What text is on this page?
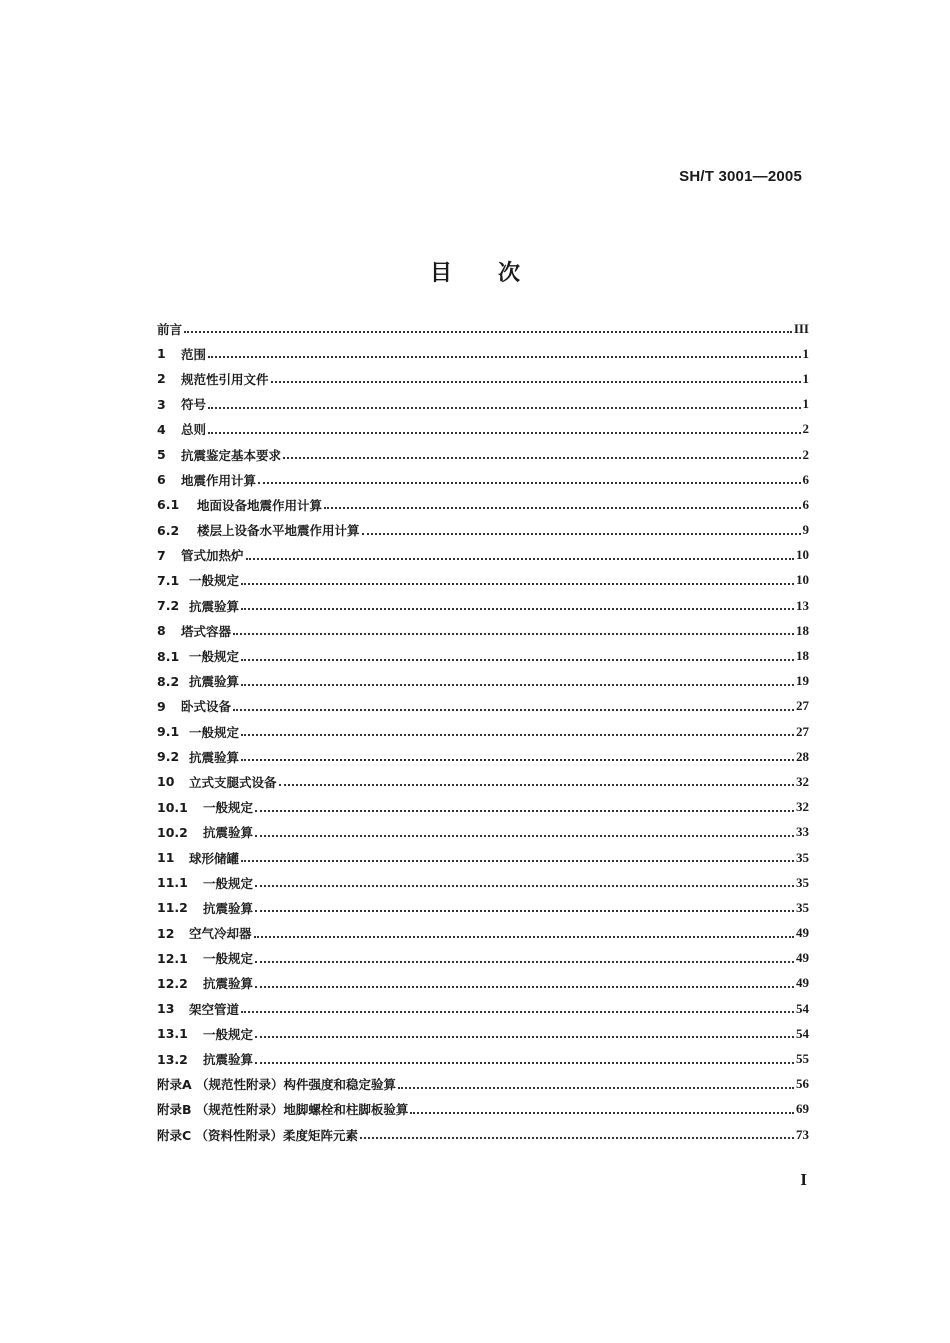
SH/T 3001—2005
目 次
前言	III
1	范围	1
2	规范性引用文件	1
3	符号	1
4	总则	2
5	抗震鉴定基本要求	2
6	地震作用计算	6
6.1	地面设备地震作用计算	6
6.2	楼层上设备水平地震作用计算	9
7	管式加热炉	10
7.1 一般规定	10
7.2 抗震验算	13
8	塔式容器	18
8.1 一般规定	18
8.2 抗震验算	19
9	卧式设备	27
9.1 一般规定	27
9.2 抗震验算	28
10	立式支腿式设备	32
10.1	一般规定	32
10.2	抗震验算	33
11	球形储罐	35
11.1	一般规定	35
11.2	抗震验算	35
12	空气冷却器	49
12.1	一般规定	49
12.2	抗震验算	49
13	架空管道	54
13.1	一般规定	54
13.2	抗震验算	55
附录A （规范性附录）构件强度和稳定验算	56
附录B （规范性附录）地脚螺栓和柱脚板验算	69
附录C （资料性附录）柔度矩阵元素	73
I
